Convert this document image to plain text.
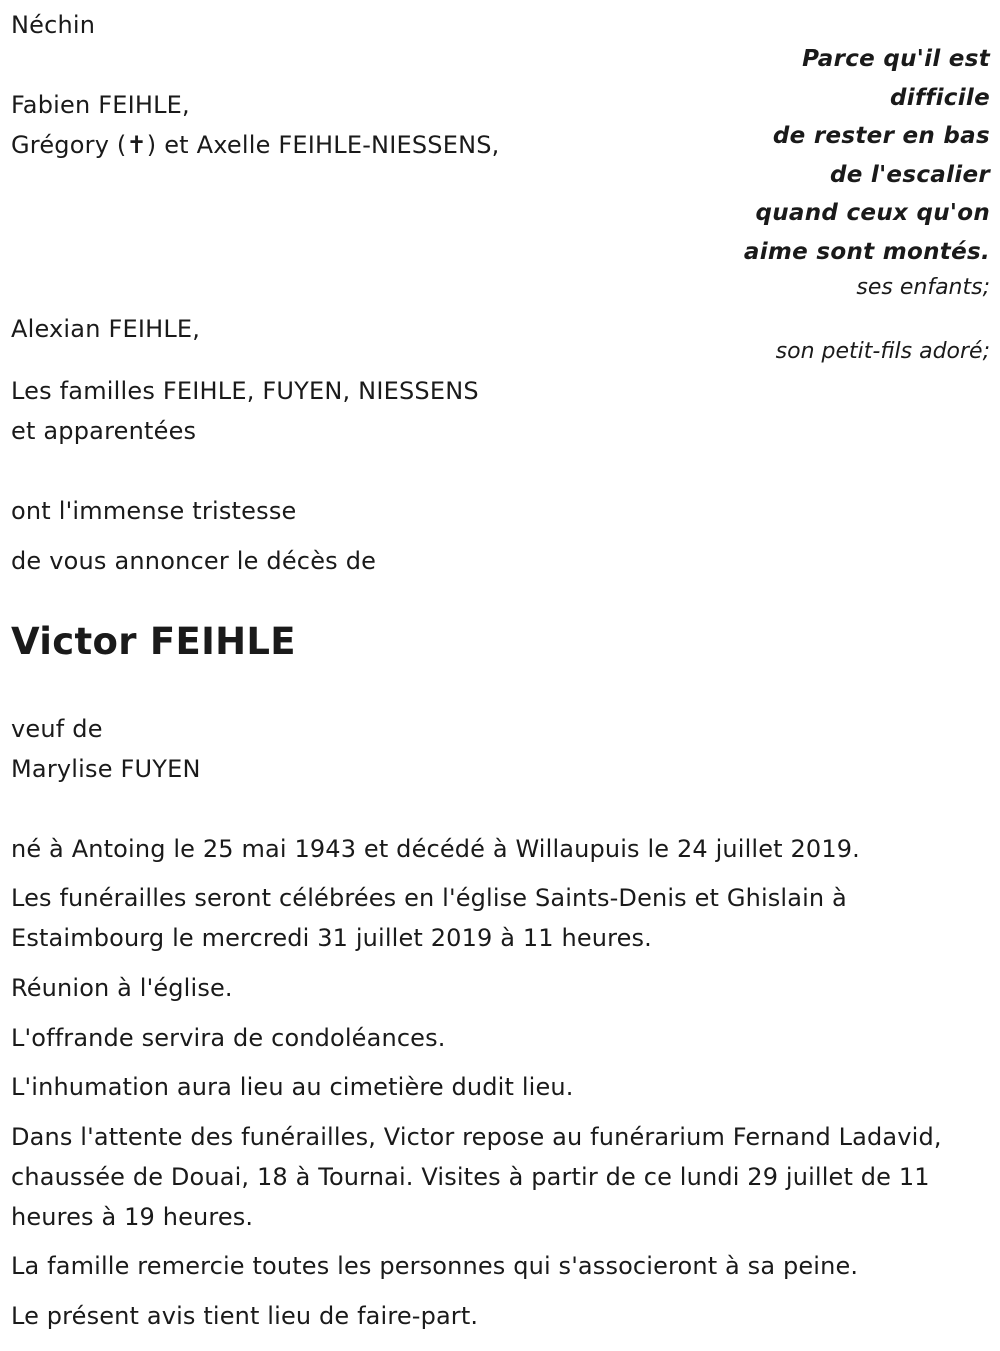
Néchin
Parce qu'il est
difficile
de rester en bas
de l'escalier
quand ceux qu'on
aime sont montés.
Fabien FEIHLE,
Grégory (✝) et Axelle FEIHLE-NIESSENS,
ses enfants;
Alexian FEIHLE,
son petit-fils adoré;
Les familles FEIHLE, FUYEN, NIESSENS
et apparentées
ont l'immense tristesse
de vous annoncer le décès de
Victor FEIHLE
veuf de
Marylise FUYEN
né à Antoing le 25 mai 1943 et décédé à Willaupuis le 24 juillet 2019.
Les funérailles seront célébrées en l'église Saints-Denis et Ghislain à Estaimbourg le mercredi 31 juillet 2019 à 11 heures.
Réunion à l'église.
L'offrande servira de condoléances.
L'inhumation aura lieu au cimetière dudit lieu.
Dans l'attente des funérailles, Victor repose au funérarium Fernand Ladavid, chaussée de Douai, 18 à Tournai. Visites à partir de ce lundi 29 juillet de 11 heures à 19 heures.
La famille remercie toutes les personnes qui s'associeront à sa peine.
Le présent avis tient lieu de faire-part.
